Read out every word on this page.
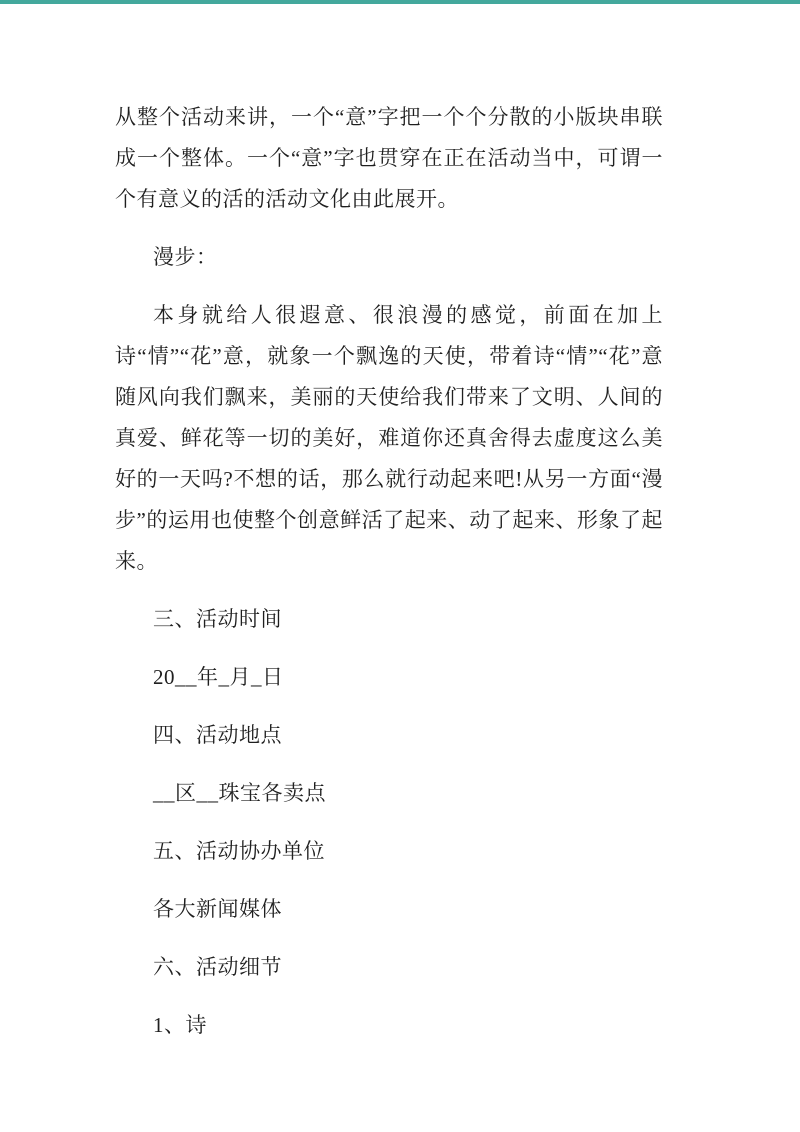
从整个活动来讲，一个“意”字把一个个分散的小版块串联成一个整体。一个“意”字也贯穿在正在活动当中，可谓一个有意义的活的活动文化由此展开。

漫步：

本身就给人很遐意、很浪漫的感觉，前面在加上诗“情”“花”意，就象一个飘逸的天使，带着诗“情”“花”意随风向我们飘来，美丽的天使给我们带来了文明、人间的真爱、鲜花等一切的美好，难道你还真舍得去虚度这么美好的一天吗?不想的话，那么就行动起来吧!从另一方面“漫步”的运用也使整个创意鲜活了起来、动了起来、形象了起来。

三、活动时间

20__年_月_日

四、活动地点

__区__珠宝各卖点

五、活动协办单位

各大新闻媒体

六、活动细节

1、诗
